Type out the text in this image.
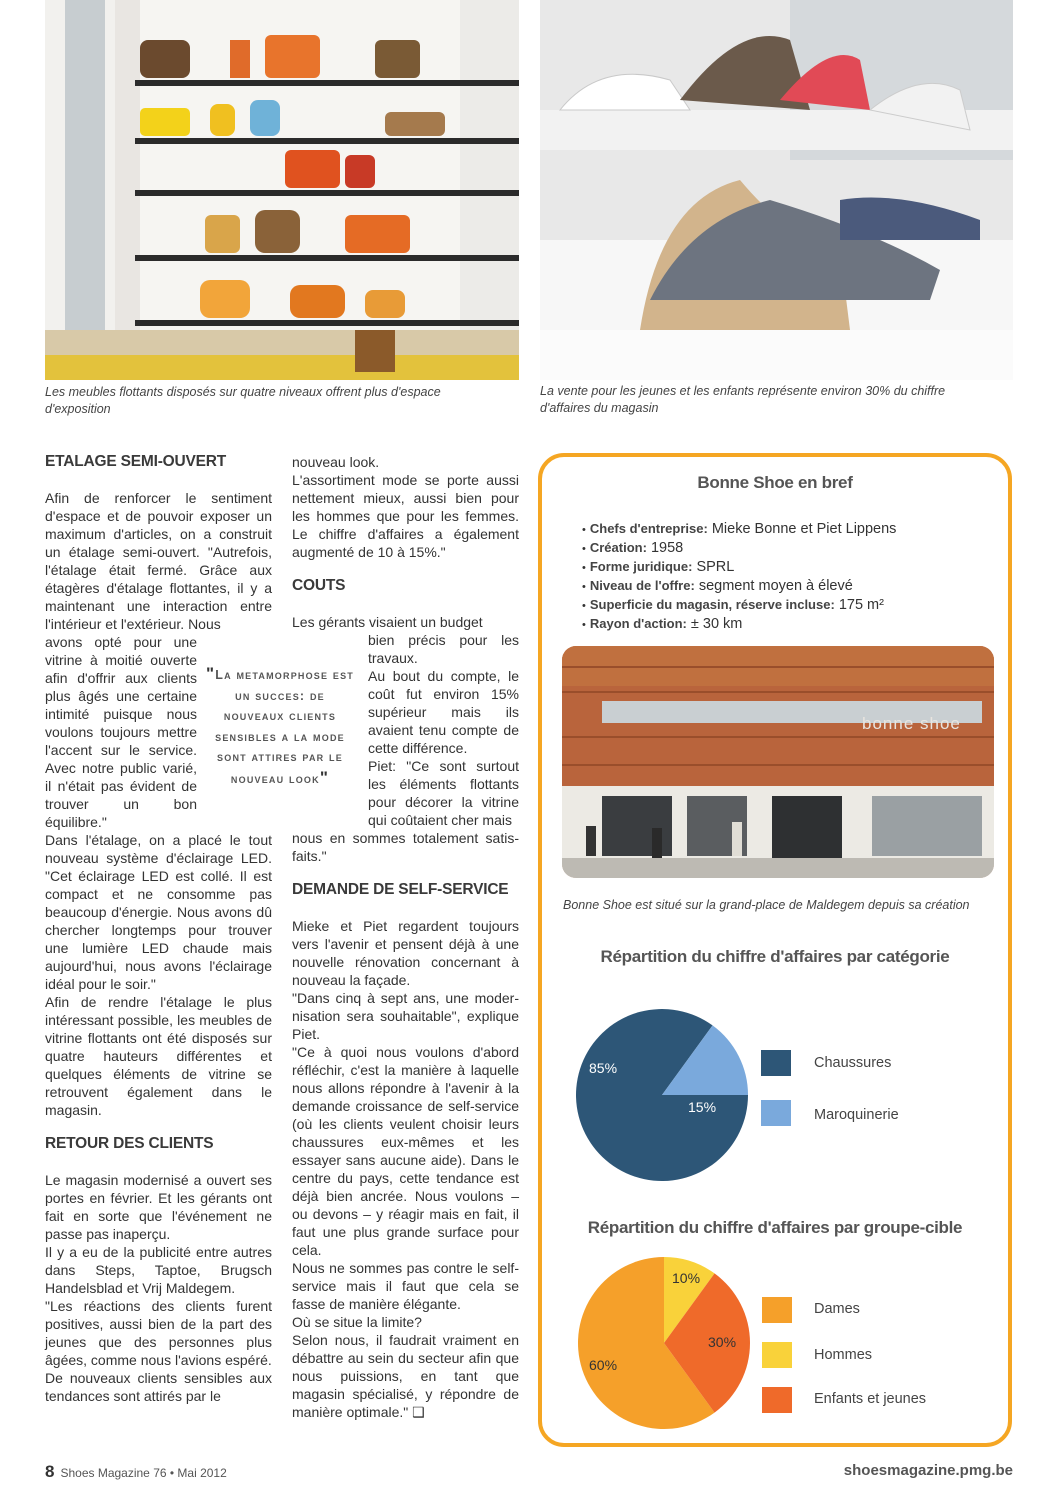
Les meubles flottants disposés sur quatre niveaux offrent plus d'espace d'exposition
La vente pour les jeunes et les enfants représente environ 30% du chiffre d'affaires du magasin
ETALAGE SEMI-OUVERT

Afin de renforcer le sentiment d'espace et de pouvoir exposer un maximum d'articles, on a construit un étalage semi-ouvert. "Autrefois, l'étalage était fermé. Grâce aux étagères d'étalage flottantes, il y a maintenant une interaction entre l'intérieur et l'extérieur. Nous

avons opté pour une vitrine à moitié ouverte afin d'offrir aux clients plus âgés une certaine intimité puisque nous voulons toujours mettre l'accent sur le service. Avec notre public varié, il n'était pas évident de trouver un bon équilibre."

Dans l'étalage, on a placé le tout nouveau système d'éclairage LED. "Cet éclairage LED est collé. Il est compact et ne consomme pas beaucoup d'énergie. Nous avons dû chercher longtemps pour trouver une lumière LED chaude mais aujourd'hui, nous avons l'éclairage idéal pour le soir."

Afin de rendre l'étalage le plus intéressant possible, les meubles de vitrine flottants ont été disposés sur quatre hauteurs différentes et quelques éléments de vitrine se retrouvent également dans le magasin.

RETOUR DES CLIENTS

Le magasin modernisé a ouvert ses portes en février. Et les gérants ont fait en sorte que l'événement ne passe pas inaperçu.

Il y a eu de la publicité entre autres dans Steps, Taptoe, Brugsch Handelsblad et Vrij Maldegem.

"Les réactions des clients furent positives, aussi bien de la part des jeunes que des personnes plus âgées, comme nous l'avions espéré.

De nouveaux clients sensibles aux tendances sont attirés par le

"La metamorphose est un succes: de nouveaux clients sensibles a la mode sont attires par le nouveau look"

nouveau look.

L'assortiment mode se porte aussi nettement mieux, aussi bien pour les hommes que pour les femmes. Le chiffre d'affaires a également augmenté de 10 à 15%."

COUTS

Les gérants visaient un budget

bien précis pour les travaux.

Au bout du compte, le coût fut environ 15% supérieur mais ils avaient tenu compte de cette différence.

Piet: "Ce sont surtout les éléments flottants pour décorer la vitrine qui coûtaient cher mais

nous en sommes totalement satis-faits."

DEMANDE DE SELF-SERVICE

Mieke et Piet regardent toujours vers l'avenir et pensent déjà à une nouvelle rénovation concernant à nouveau la façade.

"Dans cinq à sept ans, une moder-nisation sera souhaitable", explique Piet.

"Ce à quoi nous voulons d'abord réfléchir, c'est la manière à laquelle nous allons répondre à l'avenir à la demande croissance de self-service (où les clients veulent choisir leurs chaussures eux-mêmes et les essayer sans aucune aide). Dans le centre du pays, cette tendance est déjà bien ancrée. Nous voulons – ou devons – y réagir mais en fait, il faut une plus grande surface pour cela.

Nous ne sommes pas contre le self-service mais il faut que cela se fasse de manière élégante.

Où se situe la limite?

Selon nous, il faudrait vraiment en débattre au sein du secteur afin que nous puissions, en tant que magasin spécialisé, y répondre de manière optimale." ❑

Bonne Shoe en bref
• Chefs d'entreprise: Mieke Bonne et Piet Lippens
• Création: 1958
• Forme juridique: SPRL
• Niveau de l'offre: segment moyen à élevé
• Superficie du magasin, réserve incluse: 175 m²
• Rayon d'action: ± 30 km
bonne shoe
Bonne Shoe est situé sur la grand-place de Maldegem depuis sa création
Répartition du chiffre d'affaires par catégorie
85%
15%
Chaussures
Maroquinerie
Répartition du chiffre d'affaires par groupe-cible
60%
10%
30%
Dames
Hommes
Enfants et jeunes
8 Shoes Magazine 76 • Mai 2012	shoesmagazine.pmg.be
